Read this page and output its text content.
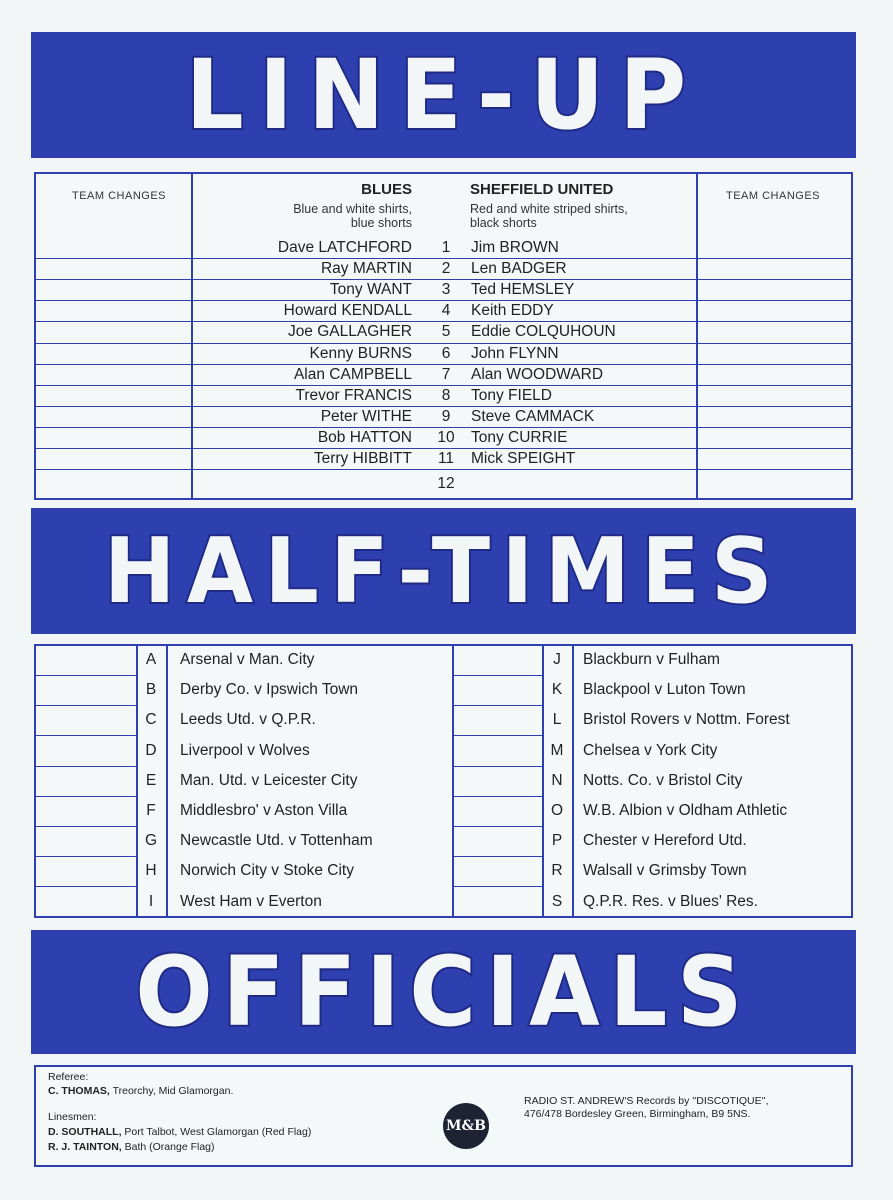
LINE-UP
TEAM CHANGES	TEAM CHANGES
BLUES
Blue and white shirts,
blue shorts
SHEFFIELD UNITED
Red and white striped shirts,
black shorts
Dave LATCHFORD	1	Jim BROWN
Ray MARTIN	2	Len BADGER
Tony WANT	3	Ted HEMSLEY
Howard KENDALL	4	Keith EDDY
Joe GALLAGHER	5	Eddie COLQUHOUN
Kenny BURNS	6	John FLYNN
Alan CAMPBELL	7	Alan WOODWARD
Trevor FRANCIS	8	Tony FIELD
Peter WITHE	9	Steve CAMMACK
Bob HATTON	10	Tony CURRIE
Terry HIBBITT	11	Mick SPEIGHT
12
HALF-TIMES
A	Arsenal v Man. City
B	Derby Co. v Ipswich Town
C	Leeds Utd. v Q.P.R.
D	Liverpool v Wolves
E	Man. Utd. v Leicester City
F	Middlesbro' v Aston Villa
G	Newcastle Utd. v Tottenham
H	Norwich City v Stoke City
I	West Ham v Everton
J	Blackburn v Fulham
K	Blackpool v Luton Town
L	Bristol Rovers v Nottm. Forest
M	Chelsea v York City
N	Notts. Co. v Bristol City
O	W.B. Albion v Oldham Athletic
P	Chester v Hereford Utd.
R	Walsall v Grimsby Town
S	Q.P.R. Res. v Blues' Res.
OFFICIALS
Referee:
C. THOMAS, Treorchy, Mid Glamorgan.
Linesmen:
D. SOUTHALL, Port Talbot, West Glamorgan (Red Flag)
R. J. TAINTON, Bath (Orange Flag)
M&B
RADIO ST. ANDREW'S Records by ''DISCOTIQUE'',
476/478 Bordesley Green, Birmingham, B9 5NS.
